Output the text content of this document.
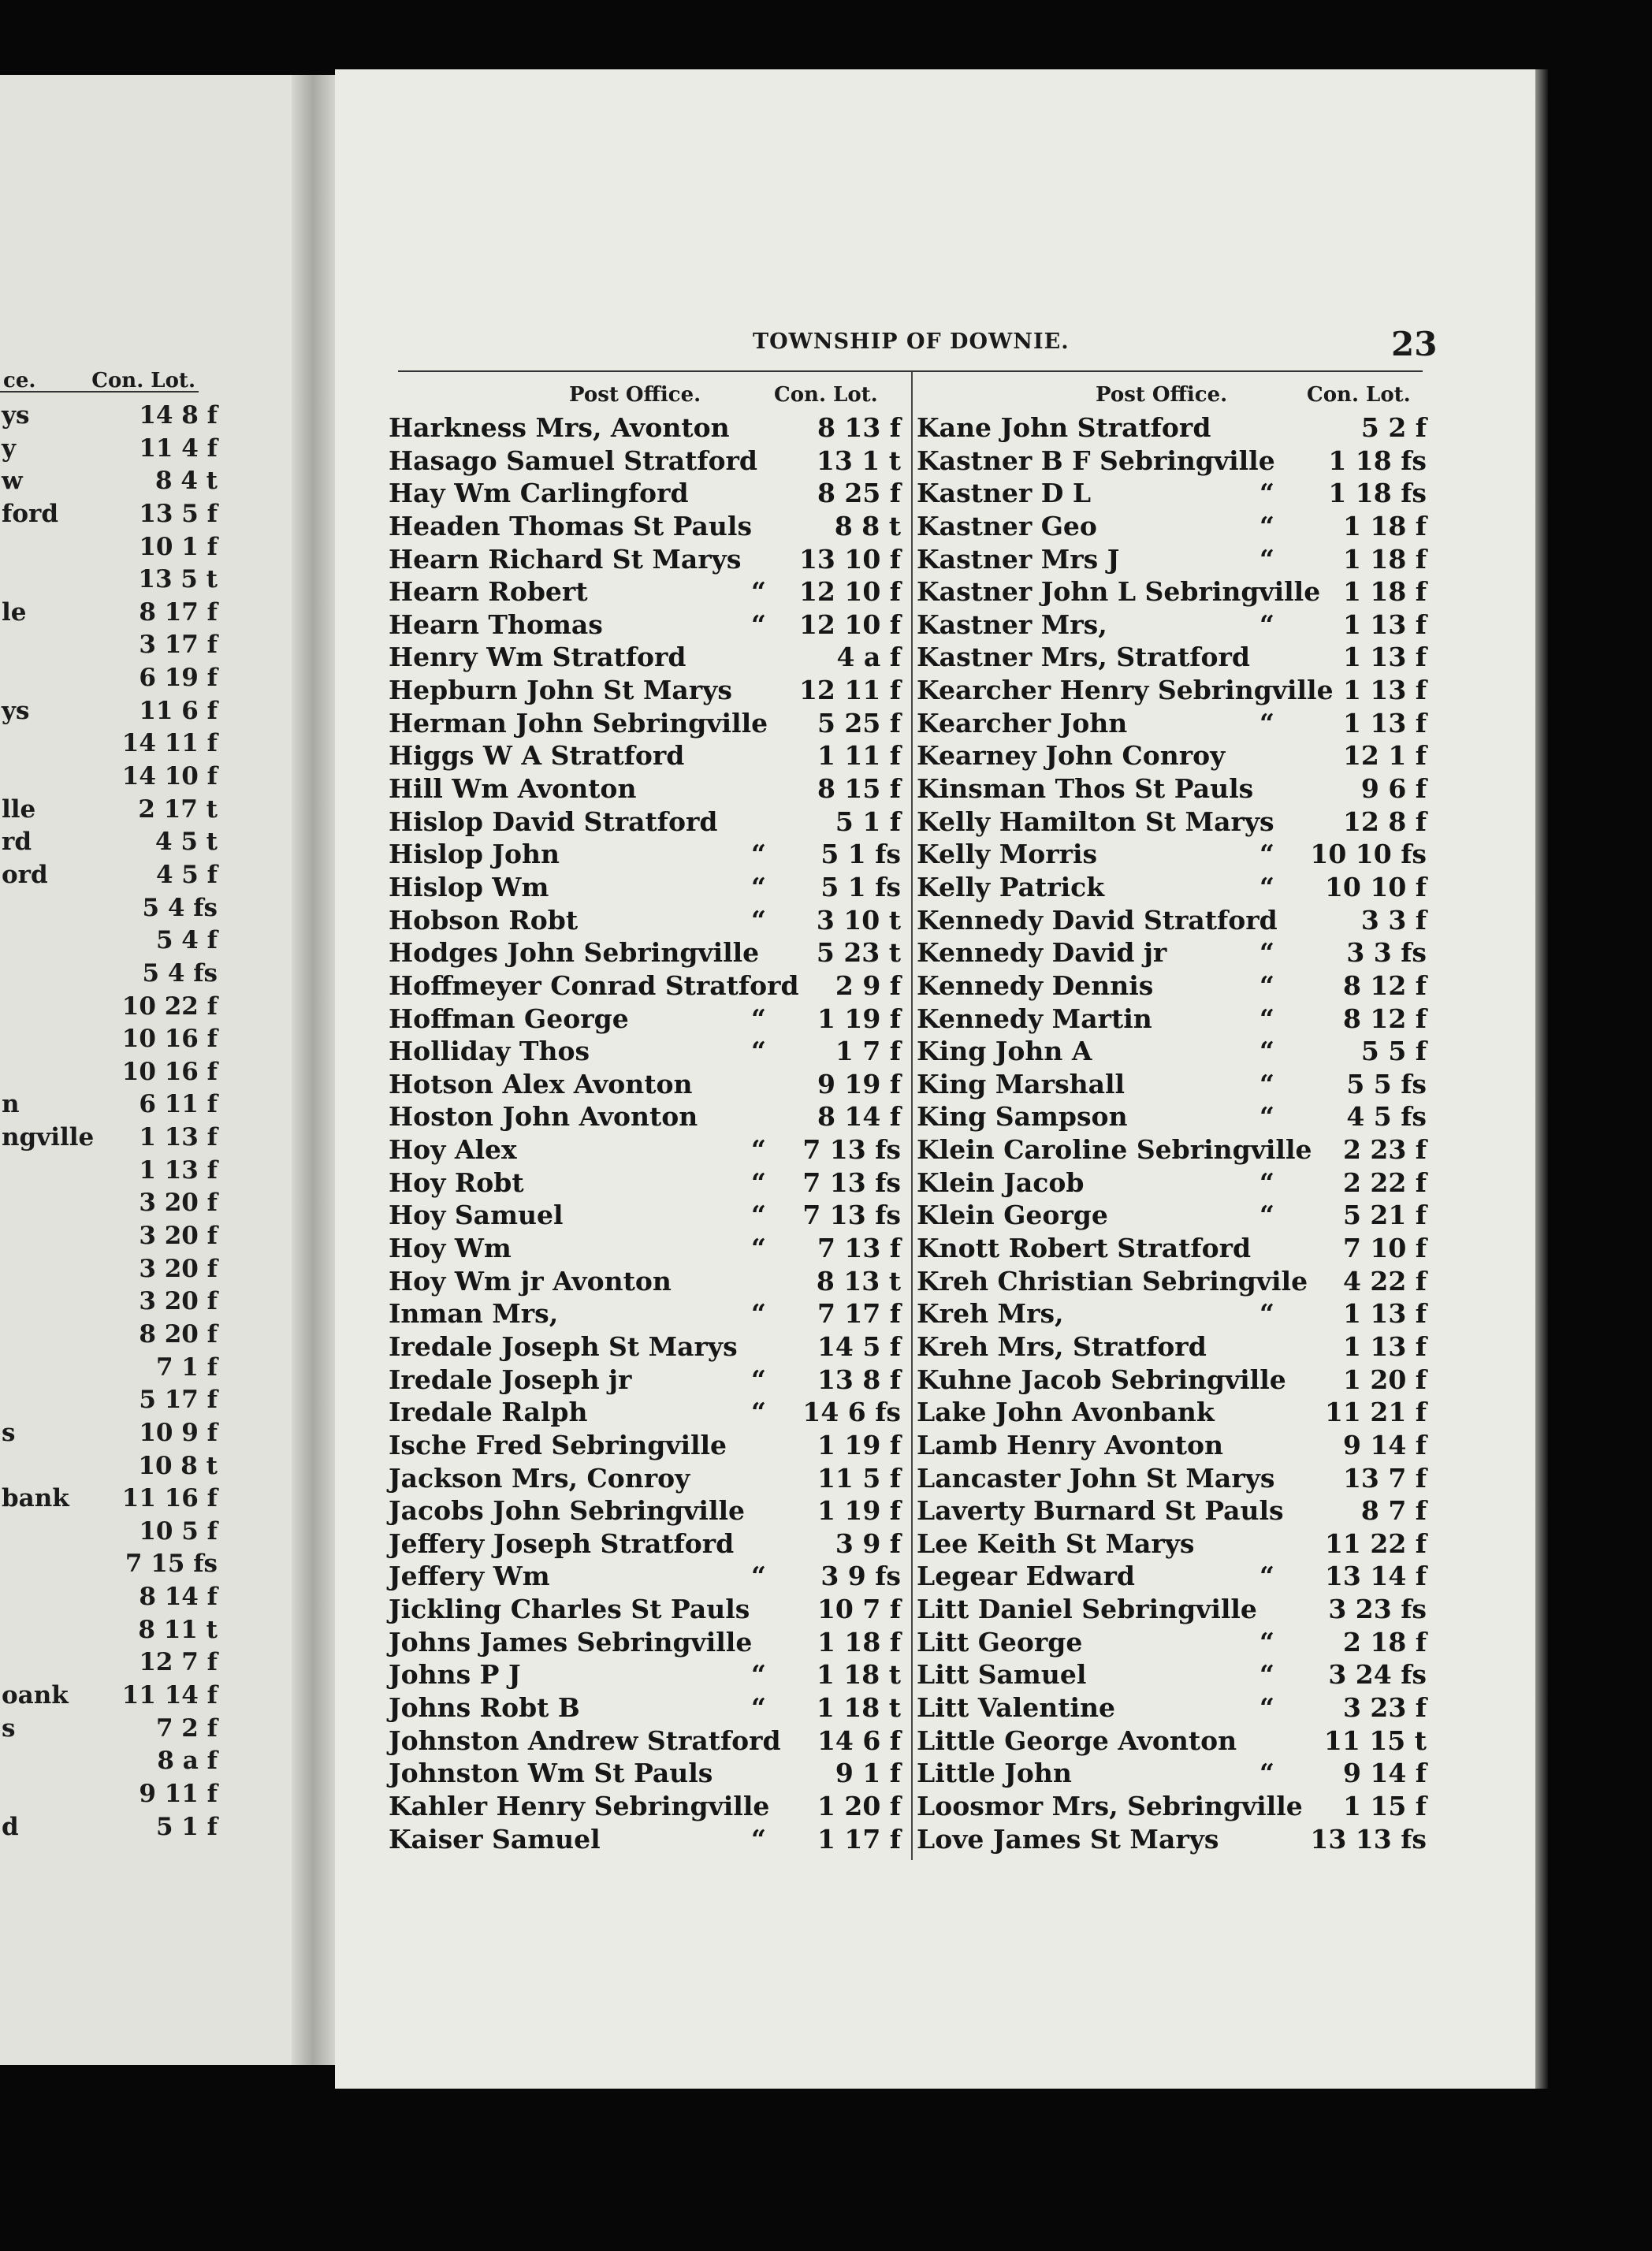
ce.	Con. Lot.
ys	14 8 f
y	11 4 f
w	8 4 t
ford	13 5 f
10 1 f
13 5 t
le	8 17 f
3 17 f
6 19 f
ys	11 6 f
14 11 f
14 10 f
lle	2 17 t
rd	4 5 t
ord	4 5 f
5 4 fs
5 4 f
5 4 fs
10 22 f
10 16 f
10 16 f
n	6 11 f
ngville 1 13 f
1 13 f
3 20 f
3 20 f
3 20 f
3 20 f
8 20 f
7 1 f
5 17 f
s	10 9 f
10 8 t
bank 11 16 f
10 5 f
7 15 fs
8 14 f
8 11 t
12 7 f
oank 11 14 f
s	7 2 f
8 a f
9 11 f
d	5 1 f
TOWNSHIP OF DOWNIE.	23
Post Office.	Con. Lot.	Post Office.	Con. Lot.
Harkness Mrs, Avonton	8 13 f
Hasago Samuel Stratford 13 1 t
Hay Wm Carlingford	8 25 f
Headen Thomas St Pauls	8 8 t
Hearn Richard St Marys 13 10 f
Hearn Robert	“ 12 10 f
Hearn Thomas	“ 12 10 f
Henry Wm Stratford	4 a f
Hepburn John St Marys	12 11 f
Herman John Sebringville 5 25 f
Higgs W A Stratford	1 11 f
Hill Wm Avonton	8 15 f
Hislop David Stratford	5 1 f
Hislop John	“ 5 1 fs
Hislop Wm	“ 5 1 fs
Hobson Robt	“ 3 10 t
Hodges John Sebringville 5 23 t
Hoffmeyer Conrad Stratford 2 9 f
Hoffman George	“ 1 19 f
Holliday Thos	“	1 7 f
Hotson Alex Avonton	9 19 f
Hoston John Avonton	8 14 f
Hoy Alex	“ 7 13 fs
Hoy Robt	“ 7 13 fs
Hoy Samuel	“ 7 13 fs
Hoy Wm	“ 7 13 f
Hoy Wm jr Avonton	8 13 t
Inman Mrs,	“ 7 17 f
Iredale Joseph St Marys	14 5 f
Iredale Joseph jr	“ 13 8 f
Iredale Ralph	“ 14 6 fs
Ische Fred Sebringville	1 19 f
Jackson Mrs, Conroy	11 5 f
Jacobs John Sebringville	1 19 f
Jeffery Joseph Stratford	3 9 f
Jeffery Wm	“ 3 9 fs
Jickling Charles St Pauls	10 7 f
Johns James Sebringville	1 18 f
Johns P J	“ 1 18 t
Johns Robt B	“ 1 18 t
Johnston Andrew Stratford 14 6 f
Johnston Wm St Pauls	9 1 f
Kahler Henry Sebringville 1 20 f
Kaiser Samuel	“ 1 17 f
Kane John Stratford	5 2 f
Kastner B F Sebringville 1 18 fs
Kastner D L	“ 1 18 fs
Kastner Geo	“	1 18 f
Kastner Mrs J	“	1 18 f
Kastner John L Sebringville 1 18 f
Kastner Mrs,	“	1 13 f
Kastner Mrs, Stratford	1 13 f
Kearcher Henry Sebringville 1 13 f
Kearcher John	“	1 13 f
Kearney John Conroy	12 1 f
Kinsman Thos St Pauls	9 6 f
Kelly Hamilton St Marys	12 8 f
Kelly Morris	“ 10 10 fs
Kelly Patrick	“ 10 10 f
Kennedy David Stratford	3 3 f
Kennedy David jr	“	3 3 fs
Kennedy Dennis	“	8 12 f
Kennedy Martin	“	8 12 f
King John A	“	5 5 f
King Marshall	“	5 5 fs
King Sampson	“	4 5 fs
Klein Caroline Sebringville 2 23 f
Klein Jacob	“	2 22 f
Klein George	“	5 21 f
Knott Robert Stratford	7 10 f
Kreh Christian Sebringvile 4 22 f
Kreh Mrs,	“	1 13 f
Kreh Mrs, Stratford	1 13 f
Kuhne Jacob Sebringville 1 20 f
Lake John Avonbank	11 21 f
Lamb Henry Avonton	9 14 f
Lancaster John St Marys	13 7 f
Laverty Burnard St Pauls	8 7 f
Lee Keith St Marys	11 22 f
Legear Edward	“ 13 14 f
Litt Daniel Sebringville	3 23 fs
Litt George	“	2 18 f
Litt Samuel	“ 3 24 fs
Litt Valentine	“	3 23 f
Little George Avonton	11 15 t
Little John	“	9 14 f
Loosmor Mrs, Sebringville 1 15 f
Love James St Marys	13 13 fs
